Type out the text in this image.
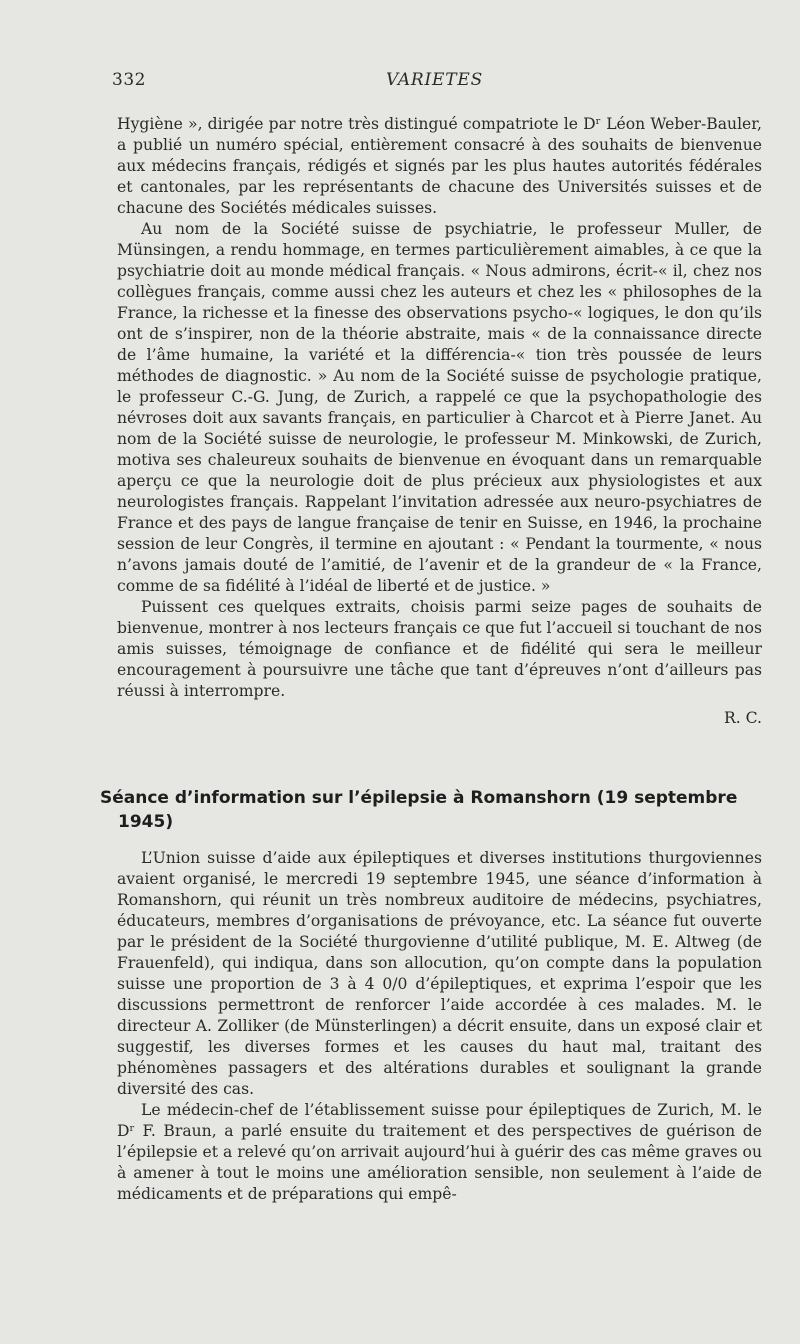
332	VARIETES

Hygiène », dirigée par notre très distingué compatriote le Dʳ Léon Weber-Bauler, a publié un numéro spécial, entièrement consacré à des souhaits de bienvenue aux médecins français, rédigés et signés par les plus hautes autorités fédérales et cantonales, par les représentants de chacune des Universités suisses et de chacune des Sociétés médicales suisses.

Au nom de la Société suisse de psychiatrie, le professeur Muller, de Münsingen, a rendu hommage, en termes particulièrement aimables, à ce que la psychiatrie doit au monde médical français. « Nous admirons, écrit-« il, chez nos collègues français, comme aussi chez les auteurs et chez les « philosophes de la France, la richesse et la finesse des observations psycho-« logiques, le don qu’ils ont de s’inspirer, non de la théorie abstraite, mais « de la connaissance directe de l’âme humaine, la variété et la différencia-« tion très poussée de leurs méthodes de diagnostic. » Au nom de la Société suisse de psychologie pratique, le professeur C.-G. Jung, de Zurich, a rappelé ce que la psychopathologie des névroses doit aux savants français, en particulier à Charcot et à Pierre Janet. Au nom de la Société suisse de neurologie, le professeur M. Minkowski, de Zurich, motiva ses chaleureux souhaits de bienvenue en évoquant dans un remarquable aperçu ce que la neurologie doit de plus précieux aux physiologistes et aux neurologistes français. Rappelant l’invitation adressée aux neuro-psychiatres de France et des pays de langue française de tenir en Suisse, en 1946, la prochaine session de leur Congrès, il termine en ajoutant : « Pendant la tourmente, « nous n’avons jamais douté de l’amitié, de l’avenir et de la grandeur de « la France, comme de sa fidélité à l’idéal de liberté et de justice. »

Puissent ces quelques extraits, choisis parmi seize pages de souhaits de bienvenue, montrer à nos lecteurs français ce que fut l’accueil si touchant de nos amis suisses, témoignage de confiance et de fidélité qui sera le meilleur encouragement à poursuivre une tâche que tant d’épreuves n’ont d’ailleurs pas réussi à interrompre.

R. C.

Séance d’information sur l’épilepsie à Romanshorn (19 septembre
1945)

L’Union suisse d’aide aux épileptiques et diverses institutions thurgoviennes avaient organisé, le mercredi 19 septembre 1945, une séance d’information à Romanshorn, qui réunit un très nombreux auditoire de médecins, psychiatres, éducateurs, membres d’organisations de prévoyance, etc. La séance fut ouverte par le président de la Société thurgovienne d’utilité publique, M. E. Altweg (de Frauenfeld), qui indiqua, dans son allocution, qu’on compte dans la population suisse une proportion de 3 à 4 0/0 d’épileptiques, et exprima l’espoir que les discussions permettront de renforcer l’aide accordée à ces malades. M. le directeur A. Zolliker (de Münsterlingen) a décrit ensuite, dans un exposé clair et suggestif, les diverses formes et les causes du haut mal, traitant des phénomènes passagers et des altérations durables et soulignant la grande diversité des cas.

Le médecin-chef de l’établissement suisse pour épileptiques de Zurich, M. le Dʳ F. Braun, a parlé ensuite du traitement et des perspectives de guérison de l’épilepsie et a relevé qu’on arrivait aujourd’hui à guérir des cas même graves ou à amener à tout le moins une amélioration sensible, non seulement à l’aide de médicaments et de préparations qui empê-
